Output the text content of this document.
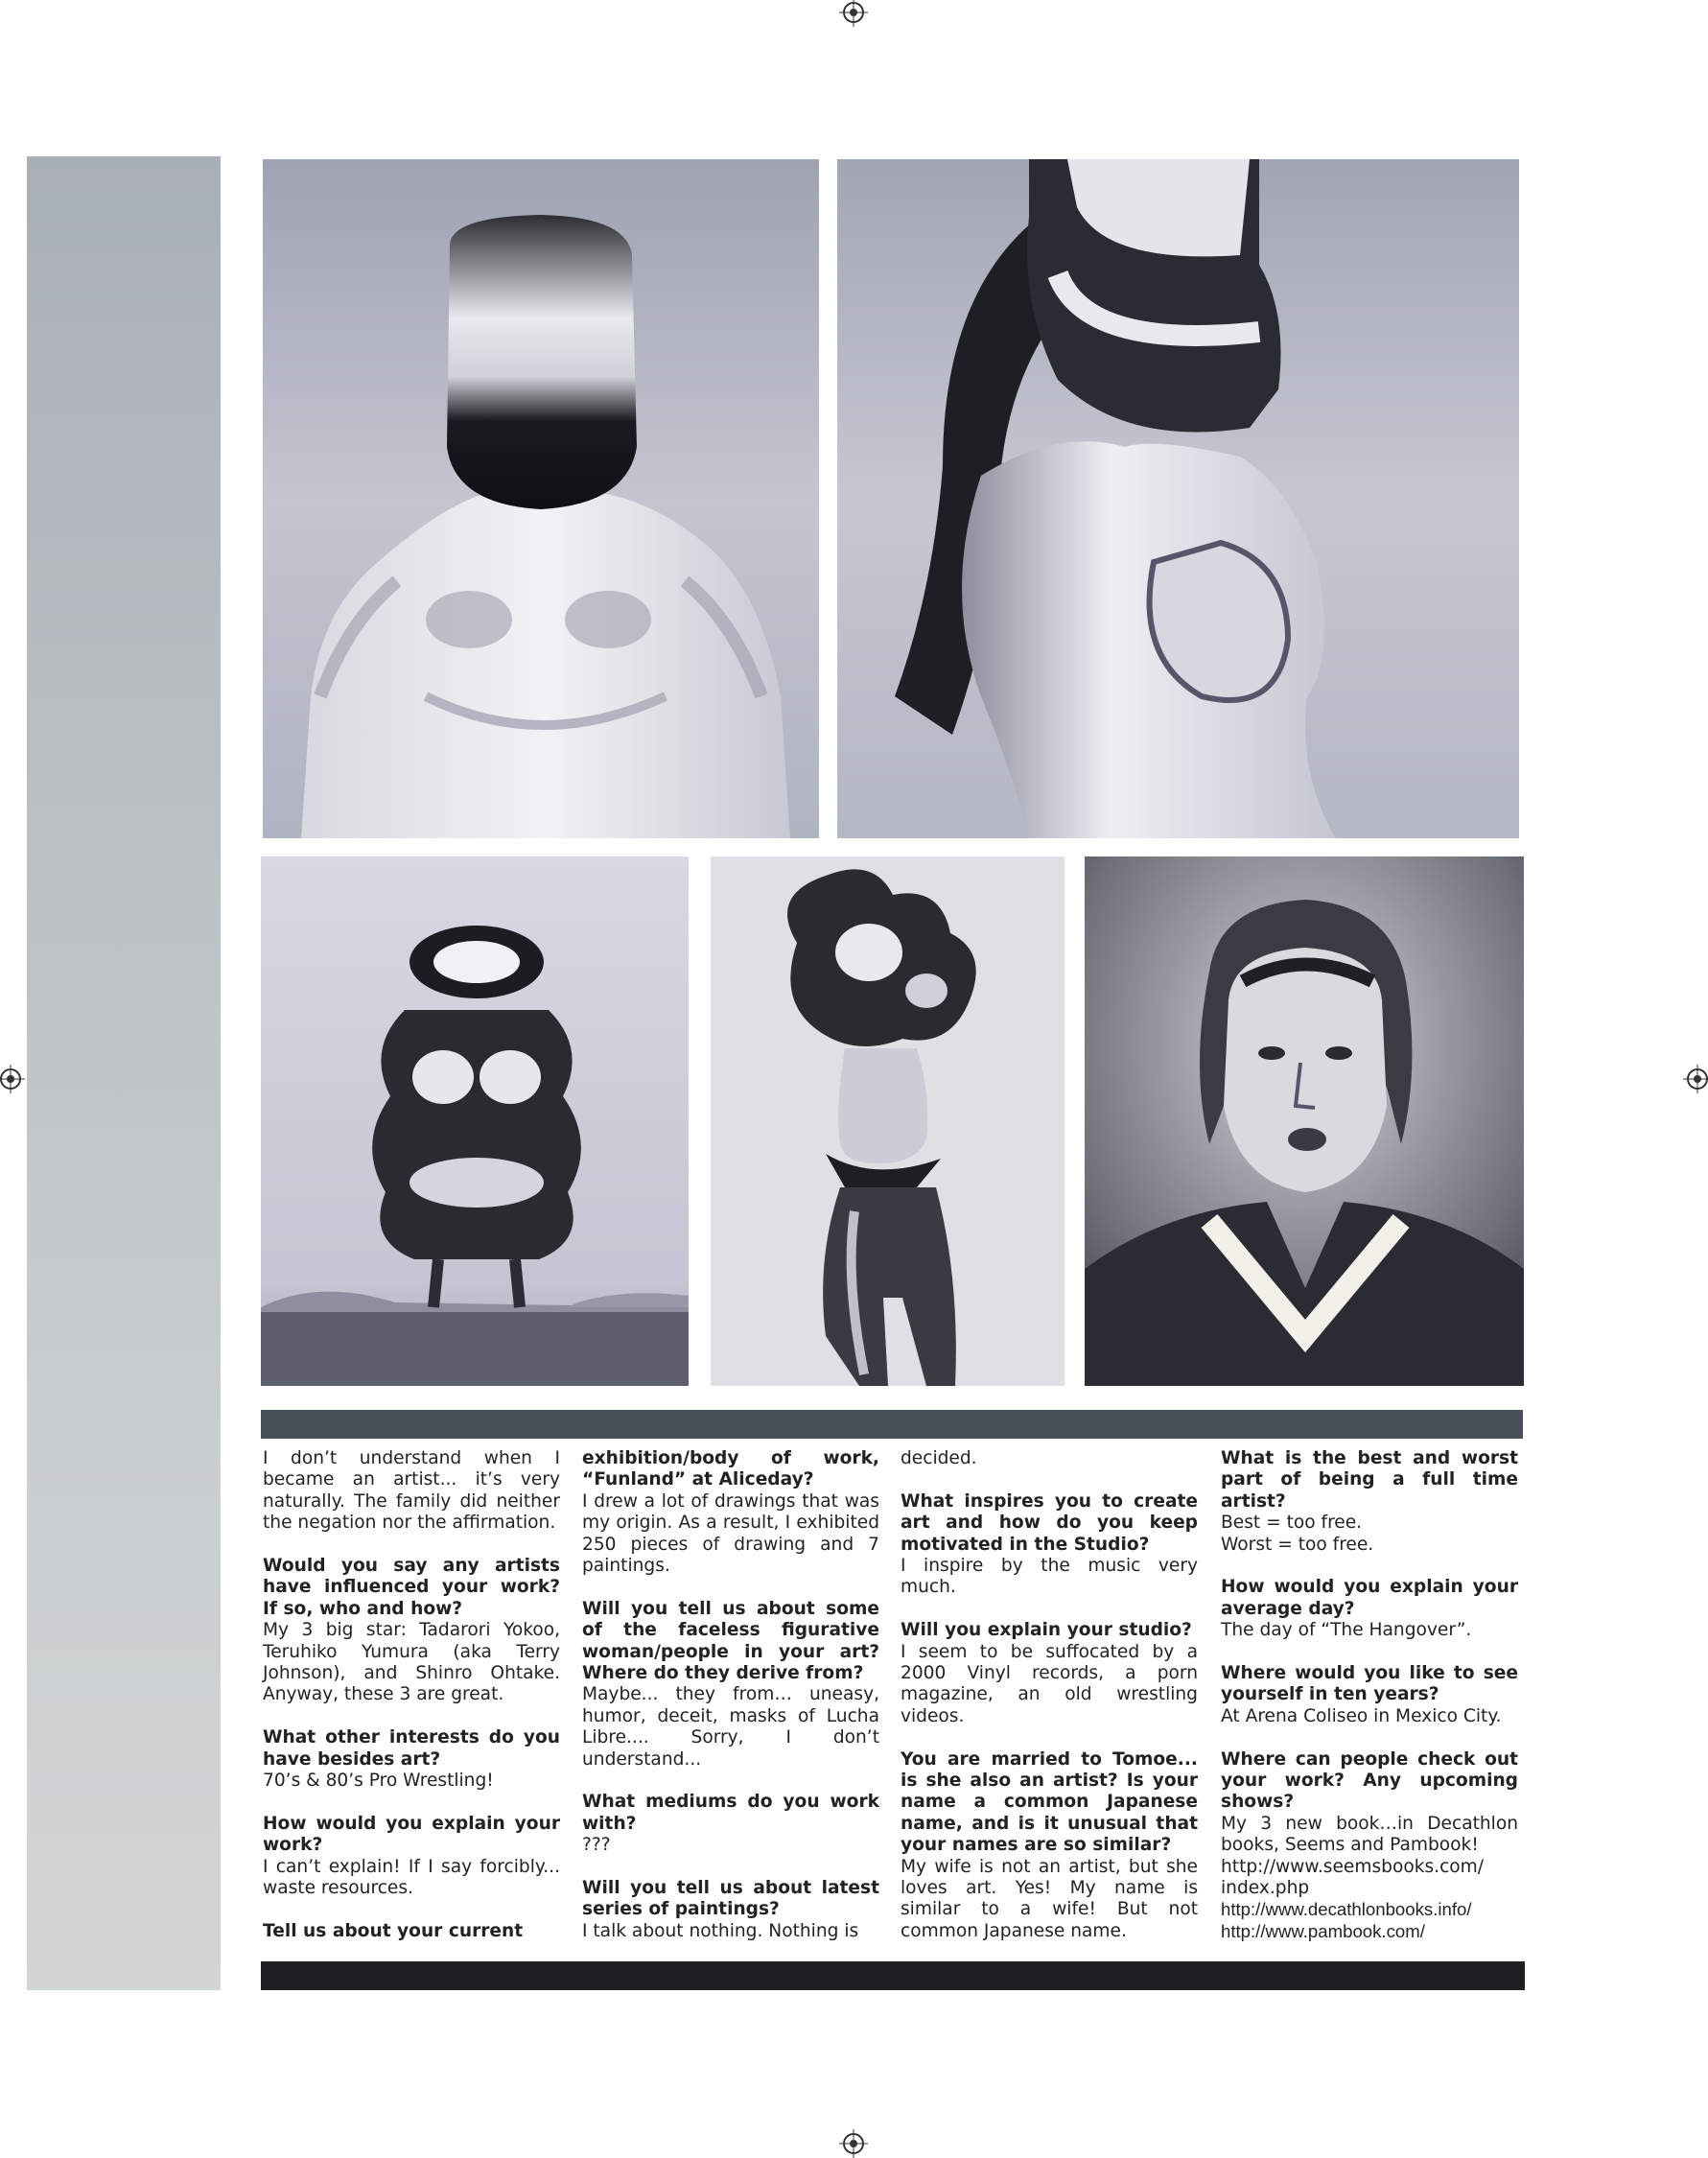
I don’t understand when I became an artist... it’s very naturally. The family did neither the negation nor the affirmation.

Would you say any artists have influenced your work? If so, who and how?
My 3 big star: Tadarori Yokoo, Teruhiko Yumura (aka Terry Johnson), and Shinro Ohtake. Anyway, these 3 are great.

What other interests do you have besides art?
70’s & 80’s Pro Wrestling!

How would you explain your work?
I can’t explain! If I say forcibly... waste resources.

Tell us about your current

exhibition/body of work, “Funland” at Aliceday?
I drew a lot of drawings that was my origin. As a result, I exhibited 250 pieces of drawing and 7 paintings.

Will you tell us about some of the faceless figurative woman/people in your art? Where do they derive from?
Maybe... they from… uneasy, humor, deceit, masks of Lucha Libre.... Sorry, I don’t understand...

What mediums do you work with?
???

Will you tell us about latest series of paintings?
I talk about nothing. Nothing is

decided.

What inspires you to create art and how do you keep motivated in the Studio?
I inspire by the music very much.

Will you explain your studio?
I seem to be suffocated by a 2000 Vinyl records, a porn magazine, an old wrestling videos.

You are married to Tomoe... is she also an artist? Is your name a common Japanese name, and is it unusual that your names are so similar?
My wife is not an artist, but she loves art. Yes! My name is similar to a wife! But not common Japanese name.

What is the best and worst part of being a full time artist?
Best = too free.
Worst = too free.

How would you explain your average day?
The day of “The Hangover”.

Where would you like to see yourself in ten years?
At Arena Coliseo in Mexico City.

Where can people check out your work? Any upcoming shows?
My 3 new book…in Decathlon books, Seems and Pambook!
http://www.seemsbooks.com/
index.php
http://www.decathlonbooks.info/
http://www.pambook.com/
